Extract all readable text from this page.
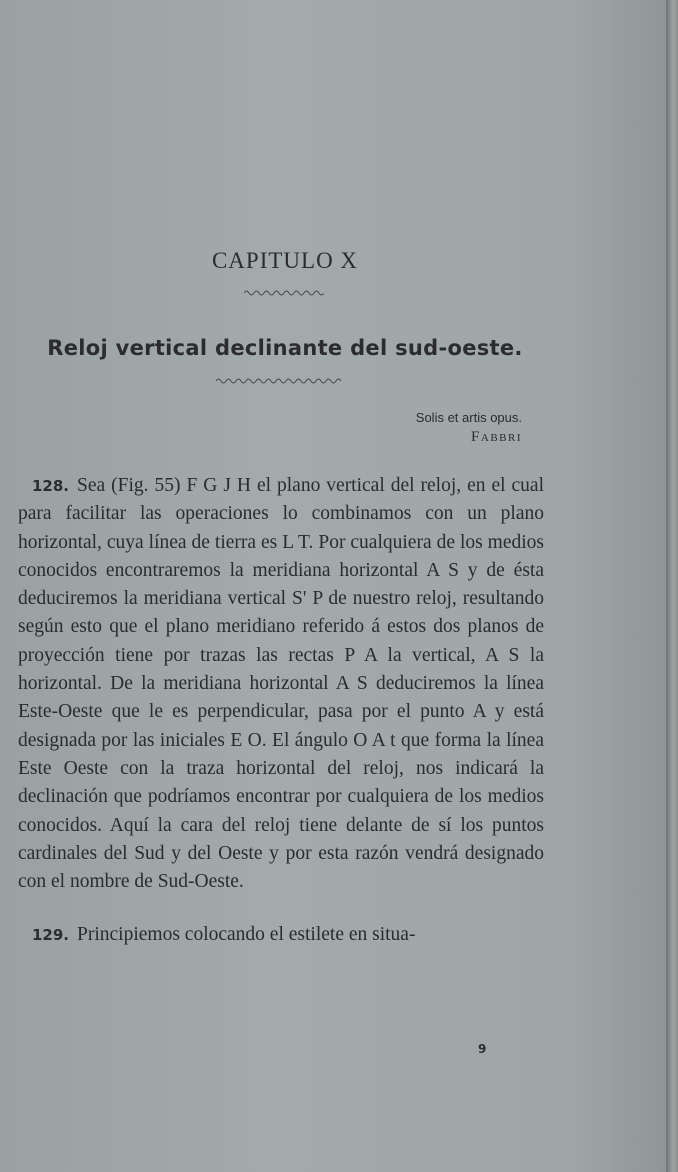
CAPITULO X
Reloj vertical declinante del sud-oeste.
Solis et artis opus.
Fabbri

128. Sea (Fig. 55) F G J H el plano vertical del reloj, en el cual para facilitar las operaciones lo combinamos con un plano horizontal, cuya línea de tierra es L T. Por cualquiera de los medios conocidos encontraremos la meridiana horizontal A S y de ésta deduciremos la meridiana vertical S' P de nuestro reloj, resultando según esto que el plano meridiano referido á estos dos planos de proyección tiene por trazas las rectas P A la vertical, A S la horizontal. De la meridiana horizontal A S deduciremos la línea Este-Oeste que le es perpendicular, pasa por el punto A y está designada por las iniciales E O. El ángulo O A t que forma la línea Este Oeste con la traza horizontal del reloj, nos indicará la declinación que podríamos encontrar por cualquiera de los medios conocidos. Aquí la cara del reloj tiene delante de sí los puntos cardinales del Sud y del Oeste y por esta razón vendrá designado con el nombre de Sud-Oeste.

129. Principiemos colocando el estilete en situa-

9
